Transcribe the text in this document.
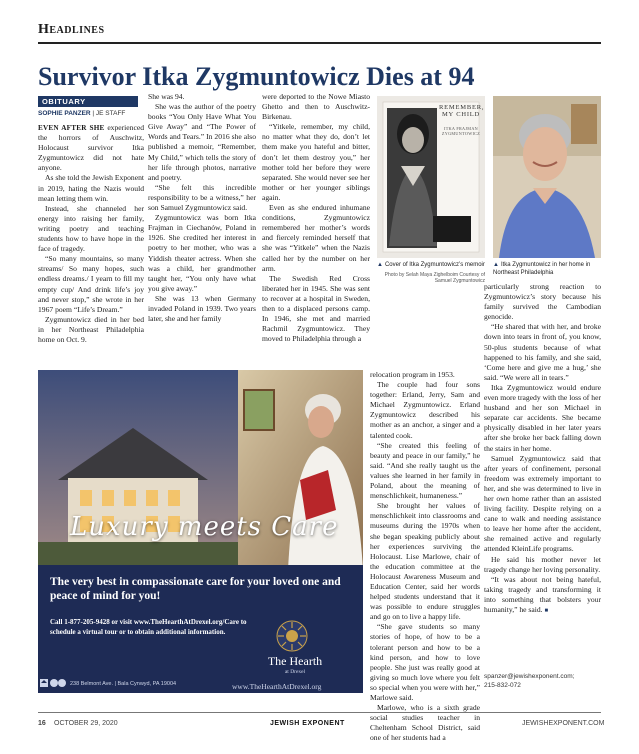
Headlines
Survivor Itka Zygmuntowicz Dies at 94
OBITUARY
SOPHIE PANZER | JE STAFF

EVEN AFTER SHE experienced the horrors of Auschwitz, Holocaust survivor Itka Zygmuntowicz did not hate anyone.

As she told the Jewish Exponent in 2019, hating the Nazis would mean letting them win.

Instead, she channeled her energy into raising her family, writing poetry and teaching students how to have hope in the face of tragedy.

“So many mountains, so many streams/ So many hopes, such endless dreams./ I yearn to fill my empty cup/ And drink life’s joy and never stop,” she wrote in her 1967 poem “Life’s Dream.”

Zygmuntowicz died in her bed in her Northeast Philadelphia home on Oct. 9.

She was 94.

She was the author of the poetry books “You Only Have What You Give Away” and “The Power of Words and Tears.” In 2016 she also published a memoir, “Remember, My Child,” which tells the story of her life through photos, narrative and poetry.

“She felt this incredible responsibility to be a witness,” her son Samuel Zygmuntowicz said.

Zygmuntowicz was born Itka Frajman in Ciechanów, Poland in 1926. She credited her interest in poetry to her mother, who was a Yiddish theater actress. When she was a child, her grandmother taught her, “You only have what you give away.”

She was 13 when Germany invaded Poland in 1939. Two years later, she and her family

were deported to the Nowe Miasto Ghetto and then to Auschwitz-Birkenau.

“Yitkele, remember, my child, no matter what they do, don’t let them make you hateful and bitter, don’t let them destroy you,” her mother told her before they were separated. She would never see her mother or her younger siblings again.

Even as she endured inhumane conditions, Zygmuntowicz remembered her mother’s words and fiercely reminded herself that she was “Yitkele” when the Nazis called her by the number on her arm.

The Swedish Red Cross liberated her in 1945. She was sent to recover at a hospital in Sweden, then to a displaced persons camp. In 1946, she met and married Rachmil Zygmuntowicz. They moved to Philadelphia through a

REMEMBER,
MY CHILD
ITKA FRAJMAN
ZYGMUNTOWICZ
▲ Cover of Itka Zygmuntowicz’s memoir
Photo by Selah Maya Zighelboim Courtesy of Samuel Zygmuntowicz
▲ Itka Zygmuntowicz in her home in Northeast Philadelphia

relocation program in 1953.

The couple had four sons together: Erland, Jerry, Sam and Michael Zygmuntowicz. Erland Zygmuntowicz described his mother as an anchor, a singer and a talented cook.

“She created this feeling of beauty and peace in our family,” he said. “And she really taught us the values she learned in her family in Poland, about the meaning of menschlichkeit, humaneness.”

She brought her values of menschlichkeit into classrooms and museums during the 1970s when she began speaking publicly about her experiences surviving the Holocaust. Lise Marlowe, chair of the education committee at the Holocaust Awareness Museum and Education Center, said her words helped students understand that it was possible to endure struggles and go on to live a happy life.

“She gave students so many stories of hope, of how to be a tolerant person and how to be a kind person, and how to love people. She just was really good at giving so much love where you felt so special when you were with her,” Marlowe said.

Marlowe, who is a sixth grade social studies teacher in Cheltenham School District, said one of her students had a

particularly strong reaction to Zygmuntowicz’s story because his family survived the Cambodian genocide.

“He shared that with her, and broke down into tears in front of, you know, 50-plus students because of what happened to his family, and she said, ‘Come here and give me a hug,’ she said. “We were all in tears.”

Itka Zygmuntowicz would endure even more tragedy with the loss of her husband and her son Michael in separate car accidents. She became physically disabled in her later years after she broke her back falling down the stairs in her home.

Samuel Zygmuntowicz said that after years of confinement, personal freedom was extremely important to her, and she was determined to live in her own home rather than an assisted living facility. Despite relying on a cane to walk and needing assistance to leave her home after the accident, she remained active and regularly attended KleinLife programs.

He said his mother never let tragedy change her loving personality.

“It was about not being hateful, taking tragedy and transforming it into something that bolsters your humanity,” he said. ■

spanzer@jewishexponent.com;
215-832-072
Luxury meets Care
The very best in compassionate care for your loved one and peace of mind for you!
Call 1-877-205-9428 or visit www.TheHearthAtDrexel.org/Care to schedule a virtual tour or to obtain additional information.
The Hearth
at Drexel
238 Belmont Ave. | Bala Cynwyd, PA 19004	www.TheHearthAtDrexel.org
16 OCTOBER 29, 2020	JEWISH EXPONENT	JEWISHEXPONENT.COM
